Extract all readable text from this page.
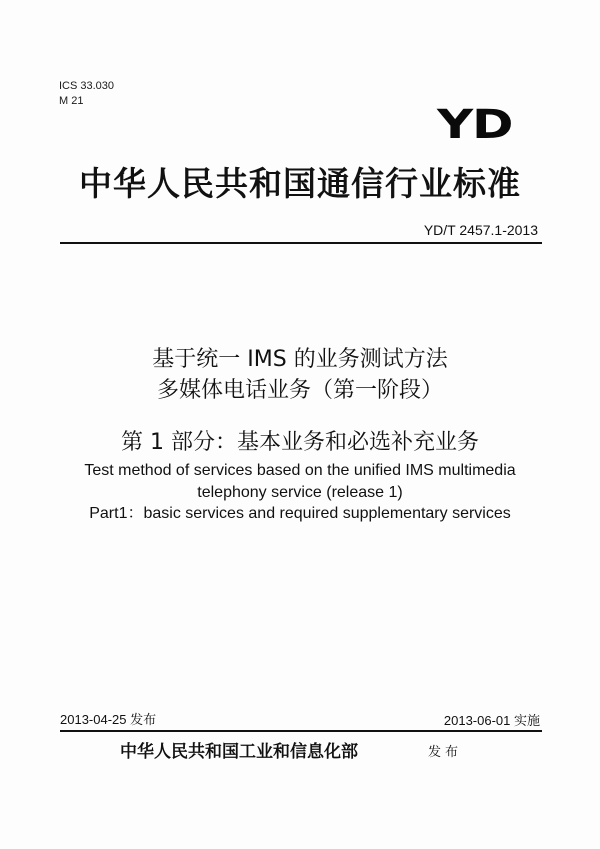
ICS 33.030
M 21
YD
中华人民共和国通信行业标准
YD/T 2457.1-2013
基于统一 IMS 的业务测试方法
多媒体电话业务（第一阶段）
第 1 部分：基本业务和必选补充业务
Test method of services based on the unified IMS multimedia
telephony service (release 1)
Part1：basic services and required supplementary services
2013-04-25 发布	2013-06-01 实施
中华人民共和国工业和信息化部	发布
